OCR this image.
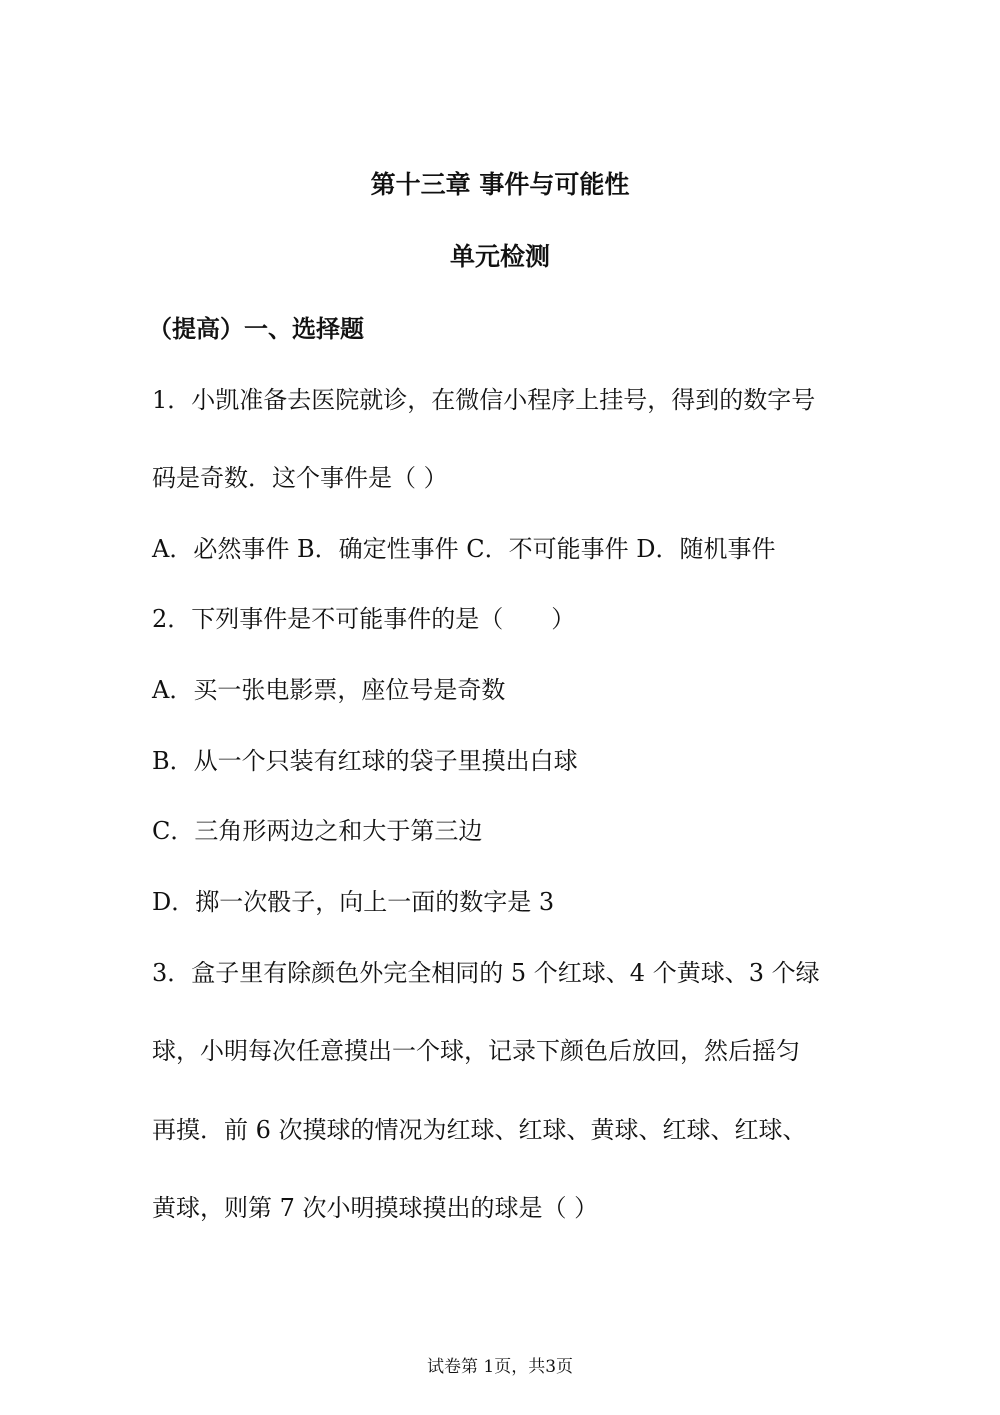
第十三章 事件与可能性
单元检测
（提高）一、选择题
1．小凯准备去医院就诊，在微信小程序上挂号，得到的数字号
码是奇数．这个事件是（ ）
A．必然事件 B．确定性事件 C．不可能事件 D．随机事件
2．下列事件是不可能事件的是（　　）
A．买一张电影票，座位号是奇数
B．从一个只装有红球的袋子里摸出白球
C．三角形两边之和大于第三边
D．掷一次骰子，向上一面的数字是 3
3．盒子里有除颜色外完全相同的 5 个红球、4 个黄球、3 个绿
球，小明每次任意摸出一个球，记录下颜色后放回，然后摇匀
再摸．前 6 次摸球的情况为红球、红球、黄球、红球、红球、
黄球，则第 7 次小明摸球摸出的球是（ ）
试卷第 1页，共3页
